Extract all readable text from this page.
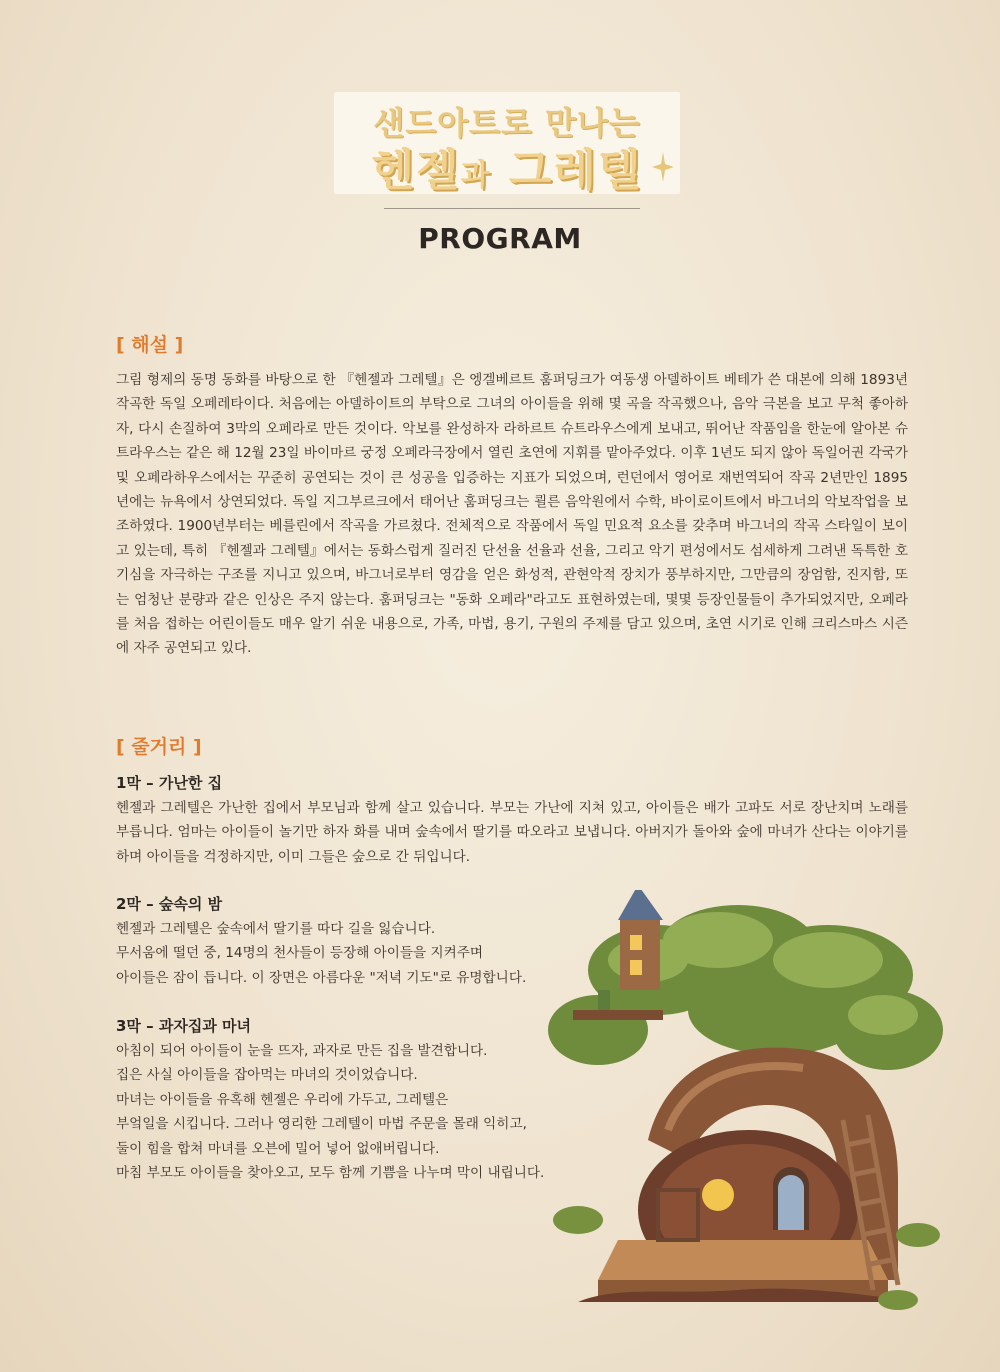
샌드아트로 만나는
헨젤과 그레텔
PROGRAM
[ 해설 ]

그림 형제의 동명 동화를 바탕으로 한 『헨젤과 그레텔』은 엥겔베르트 훔퍼딩크가 여동생 아델하이트 베테가 쓴 대본에 의해 1893년 작곡한 독일 오페레타이다. 처음에는 아델하이트의 부탁으로 그녀의 아이들을 위해 몇 곡을 작곡했으나, 음악 극본을 보고 무척 좋아하자, 다시 손질하여 3막의 오페라로 만든 것이다. 악보를 완성하자 라하르트 슈트라우스에게 보내고, 뛰어난 작품임을 한눈에 알아본 슈트라우스는 같은 해 12월 23일 바이마르 궁정 오페라극장에서 열린 초연에 지휘를 맡아주었다. 이후 1년도 되지 않아 독일어권 각국가 및 오페라하우스에서는 꾸준히 공연되는 것이 큰 성공을 입증하는 지표가 되었으며, 런던에서 영어로 재번역되어 작곡 2년만인 1895년에는 뉴욕에서 상연되었다. 독일 지그부르크에서 태어난 훔퍼딩크는 쾰른 음악원에서 수학, 바이로이트에서 바그너의 악보작업을 보조하였다. 1900년부터는 베를린에서 작곡을 가르쳤다. 전체적으로 작품에서 독일 민요적 요소를 갖추며 바그너의 작곡 스타일이 보이고 있는데, 특히 『헨젤과 그레텔』에서는 동화스럽게 질러진 단선율 선율과 선율, 그리고 악기 편성에서도 섬세하게 그려낸 독특한 호기심을 자극하는 구조를 지니고 있으며, 바그너로부터 영감을 얻은 화성적, 관현악적 장치가 풍부하지만, 그만큼의 장엄함, 진지함, 또는 엄청난 분량과 같은 인상은 주지 않는다. 훔퍼딩크는 "동화 오페라"라고도 표현하였는데, 몇몇 등장인물들이 추가되었지만, 오페라를 처음 접하는 어린이들도 매우 알기 쉬운 내용으로, 가족, 마법, 용기, 구원의 주제를 담고 있으며, 초연 시기로 인해 크리스마스 시즌에 자주 공연되고 있다.

[ 줄거리 ]
1막 – 가난한 집

헨젤과 그레텔은 가난한 집에서 부모님과 함께 살고 있습니다. 부모는 가난에 지쳐 있고, 아이들은 배가 고파도 서로 장난치며 노래를 부릅니다. 엄마는 아이들이 놀기만 하자 화를 내며 숲속에서 딸기를 따오라고 보냅니다. 아버지가 돌아와 숲에 마녀가 산다는 이야기를 하며 아이들을 걱정하지만, 이미 그들은 숲으로 간 뒤입니다.

2막 – 숲속의 밤
헨젤과 그레텔은 숲속에서 딸기를 따다 길을 잃습니다.
무서움에 떨던 중, 14명의 천사들이 등장해 아이들을 지켜주며
아이들은 잠이 듭니다. 이 장면은 아름다운 "저녁 기도"로 유명합니다.
3막 – 과자집과 마녀
아침이 되어 아이들이 눈을 뜨자, 과자로 만든 집을 발견합니다.
집은 사실 아이들을 잡아먹는 마녀의 것이었습니다.
마녀는 아이들을 유혹해 헨젤은 우리에 가두고, 그레텔은
부엌일을 시킵니다. 그러나 영리한 그레텔이 마법 주문을 몰래 익히고,
둘이 힘을 합쳐 마녀를 오븐에 밀어 넣어 없애버립니다.
마침 부모도 아이들을 찾아오고, 모두 함께 기쁨을 나누며 막이 내립니다.
